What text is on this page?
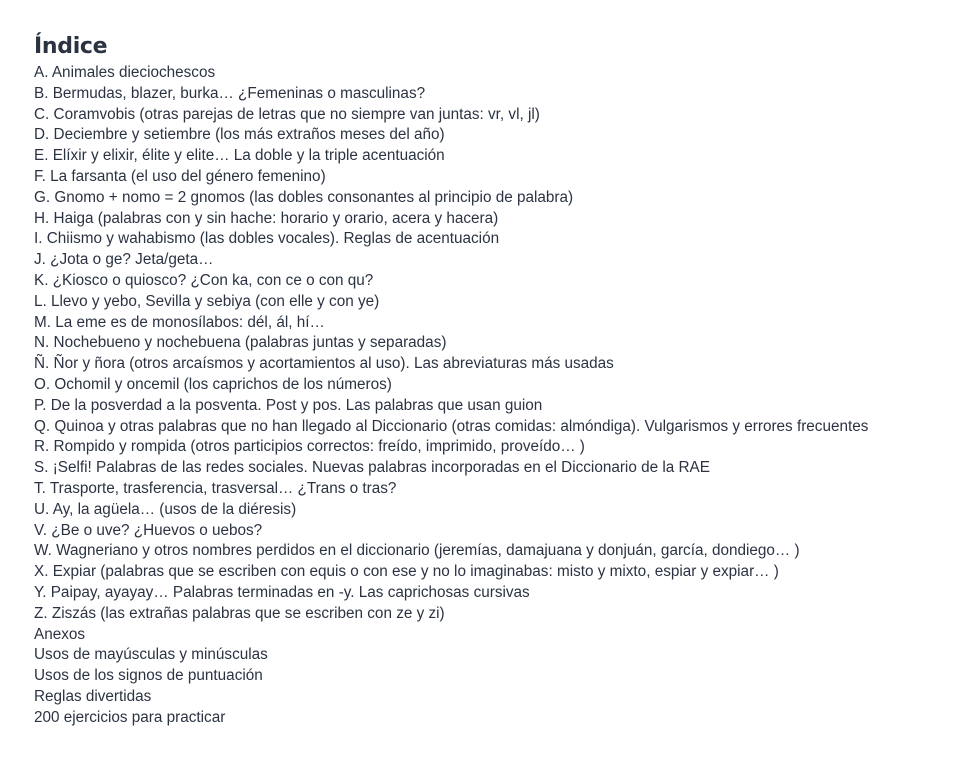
Índice
A. Animales dieciochescos
B. Bermudas, blazer, burka… ¿Femeninas o masculinas?
C. Coramvobis (otras parejas de letras que no siempre van juntas: vr, vl, jl)
D. Deciembre y setiembre (los más extraños meses del año)
E. Elíxir y elixir, élite y elite… La doble y la triple acentuación
F. La farsanta (el uso del género femenino)
G. Gnomo + nomo = 2 gnomos (las dobles consonantes al principio de palabra)
H. Haiga (palabras con y sin hache: horario y orario, acera y hacera)
I. Chiismo y wahabismo (las dobles vocales). Reglas de acentuación
J. ¿Jota o ge? Jeta/geta…
K. ¿Kiosco o quiosco? ¿Con ka, con ce o con qu?
L. Llevo y yebo, Sevilla y sebiya (con elle y con ye)
M. La eme es de monosílabos: dél, ál, hí…
N. Nochebueno y nochebuena (palabras juntas y separadas)
Ñ. Ñor y ñora (otros arcaísmos y acortamientos al uso). Las abreviaturas más usadas
O. Ochomil y oncemil (los caprichos de los números)
P. De la posverdad a la posventa. Post y pos. Las palabras que usan guion
Q. Quinoa y otras palabras que no han llegado al Diccionario (otras comidas: almóndiga). Vulgarismos y errores frecuentes
R. Rompido y rompida (otros participios correctos: freído, imprimido, proveído… )
S. ¡Selfi! Palabras de las redes sociales. Nuevas palabras incorporadas en el Diccionario de la RAE
T. Trasporte, trasferencia, trasversal… ¿Trans o tras?
U. Ay, la agüela… (usos de la diéresis)
V. ¿Be o uve? ¿Huevos o uebos?
W. Wagneriano y otros nombres perdidos en el diccionario (jeremías, damajuana y donjuán, garcía, dondiego… )
X. Expiar (palabras que se escriben con equis o con ese y no lo imaginabas: misto y mixto, espiar y expiar… )
Y. Paipay, ayayay… Palabras terminadas en -y. Las caprichosas cursivas
Z. Ziszás (las extrañas palabras que se escriben con ze y zi)
Anexos
Usos de mayúsculas y minúsculas
Usos de los signos de puntuación
Reglas divertidas
200 ejercicios para practicar
